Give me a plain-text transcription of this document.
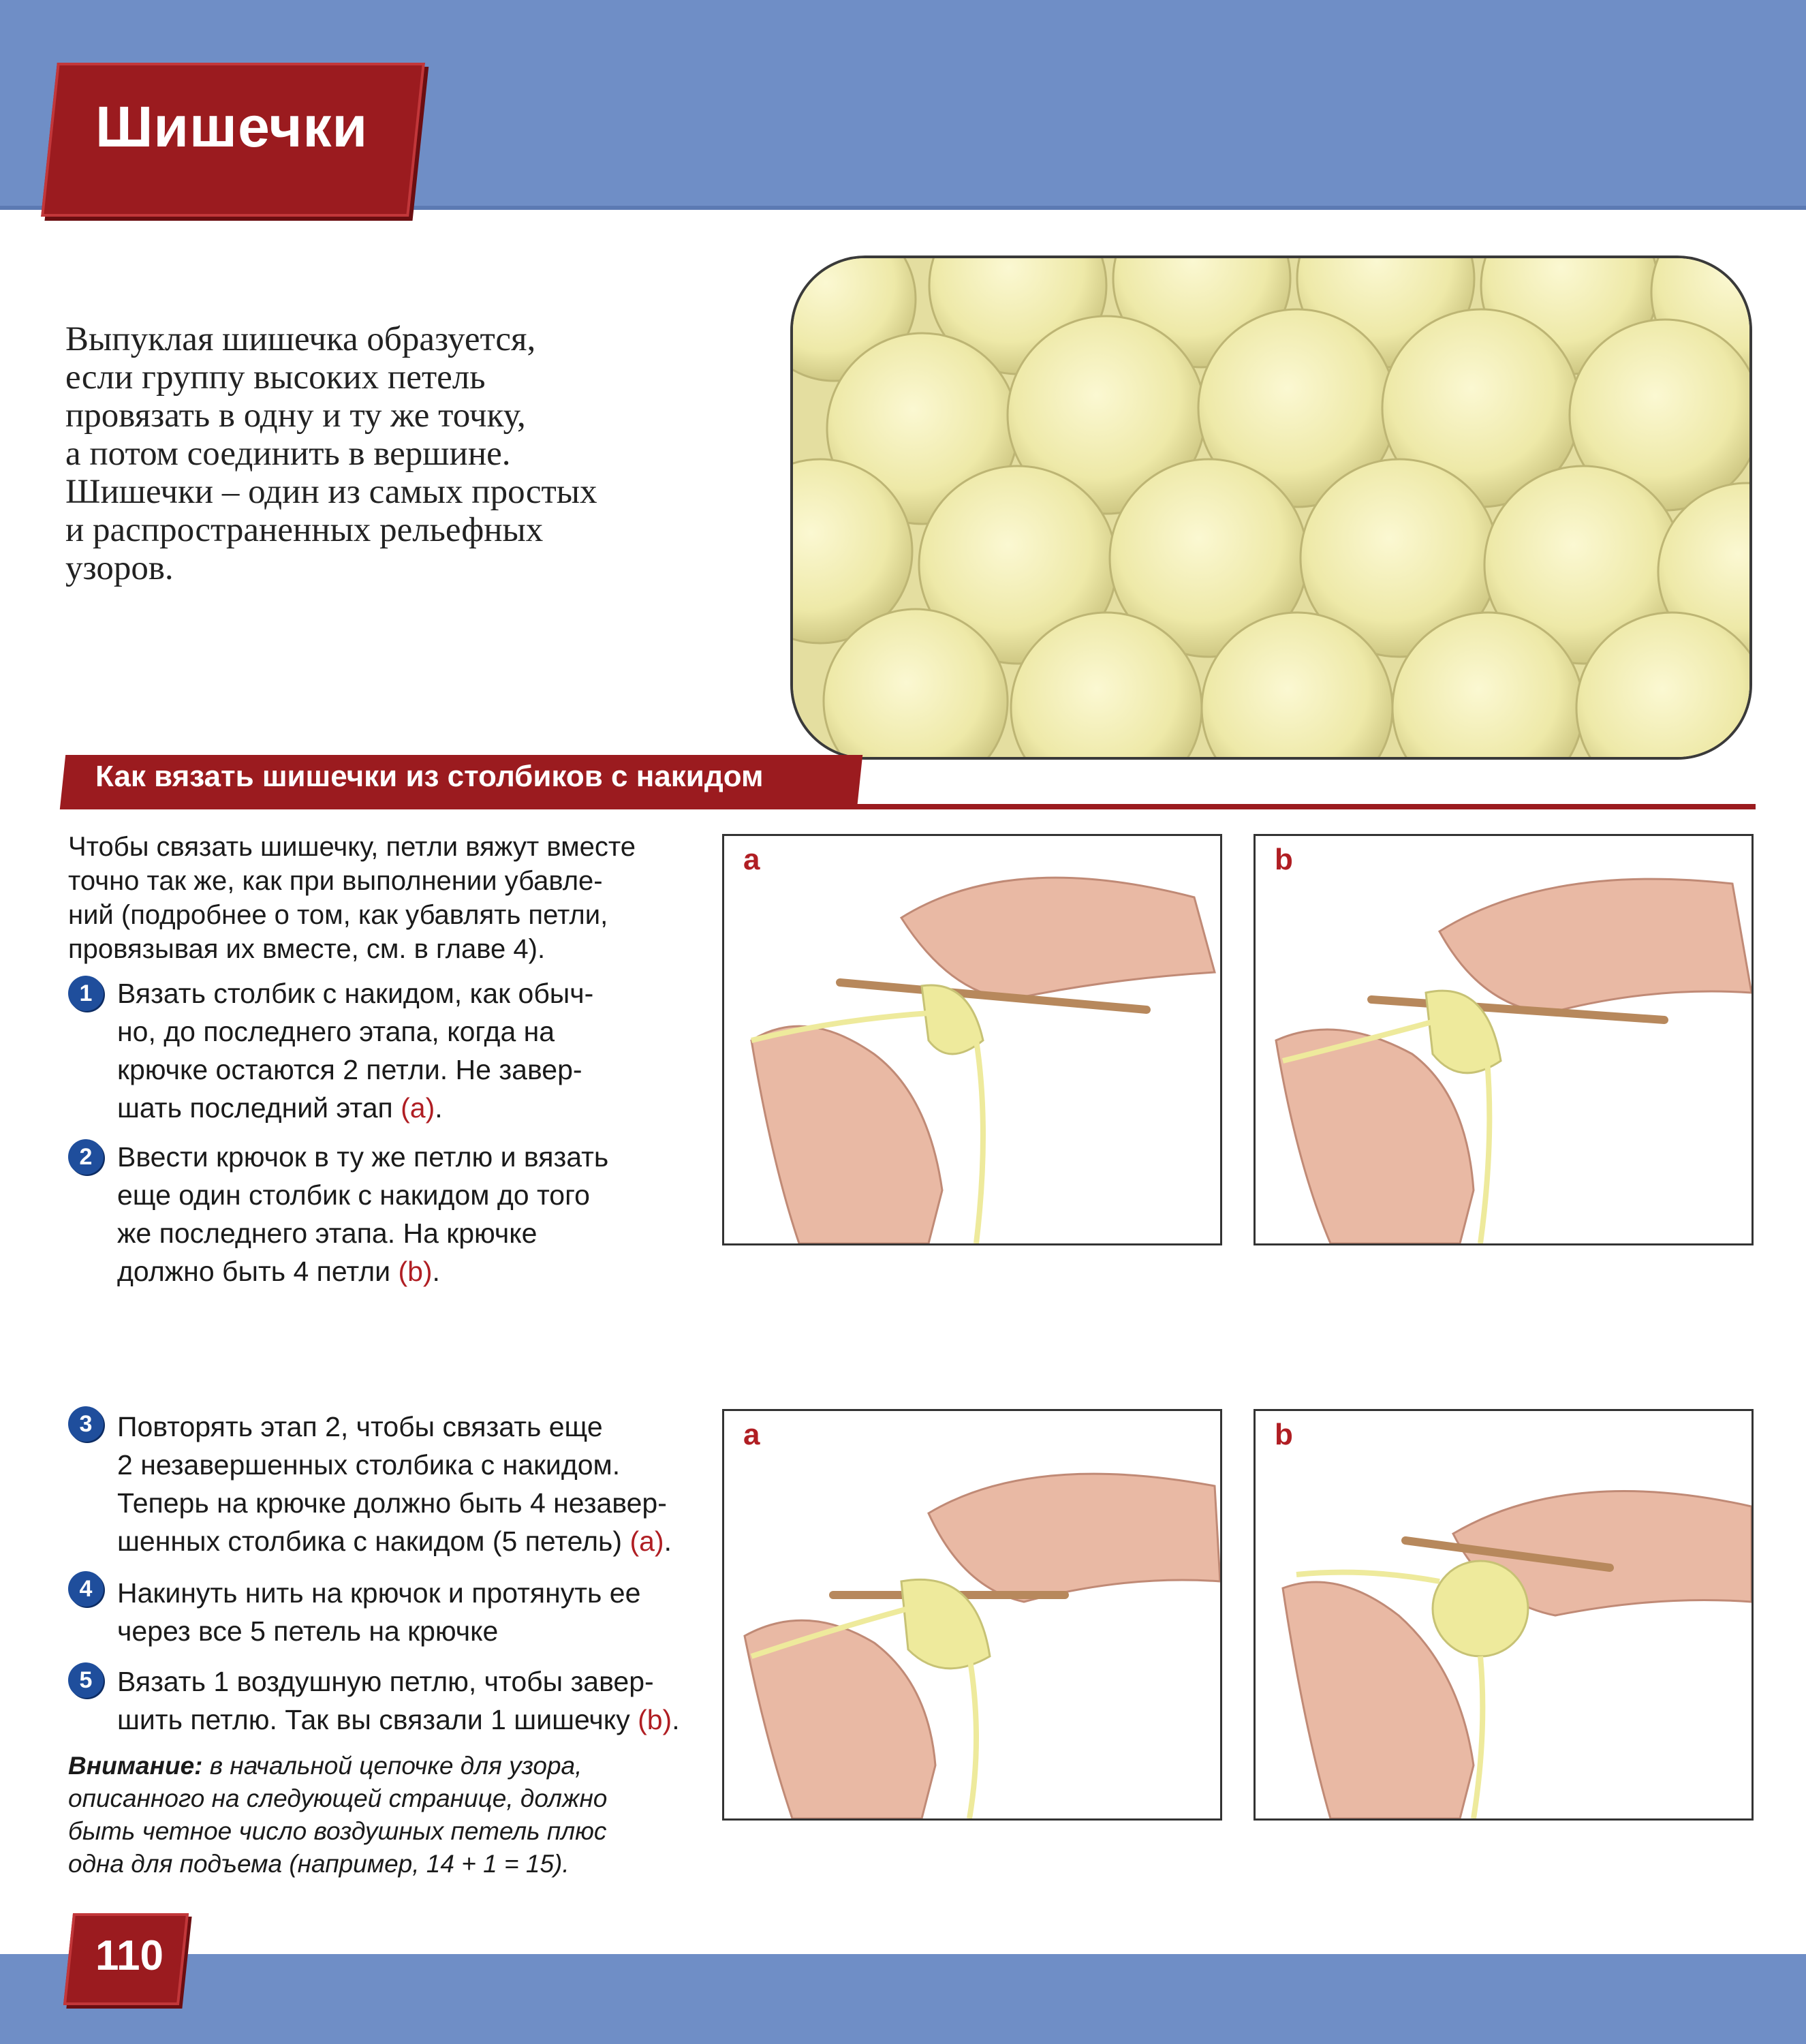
Шишечки
Выпуклая шишечка образуется,
если группу высоких петель
провязать в одну и ту же точку,
а потом соединить в вершине.
Шишечки – один из самых простых
и распространенных рельефных
узоров.
Как вязать шишечки из столбиков с накидом
Чтобы связать шишечку, петли вяжут вместе
точно так же, как при выполнении убавле-
ний (подробнее о том, как убавлять петли,
провязывая их вместе, см. в главе 4).
1 Вязать столбик с накидом, как обыч-
но, до последнего этапа, когда на
крючке остаются 2 петли. Не завер-
шать последний этап (a).
2 Ввести крючок в ту же петлю и вязать
еще один столбик с накидом до того
же последнего этапа. На крючке
должно быть 4 петли (b).
3 Повторять этап 2, чтобы связать еще
2 незавершенных столбика с накидом.
Теперь на крючке должно быть 4 незавер-
шенных столбика с накидом (5 петель) (a).
4 Накинуть нить на крючок и протянуть ее
через все 5 петель на крючке
5 Вязать 1 воздушную петлю, чтобы завер-
шить петлю. Так вы связали 1 шишечку (b).
Внимание: в начальной цепочке для узора,
описанного на следующей странице, должно
быть четное число воздушных петель плюс
одна для подъема (например, 14 + 1 = 15).
a	b
a	b
110
